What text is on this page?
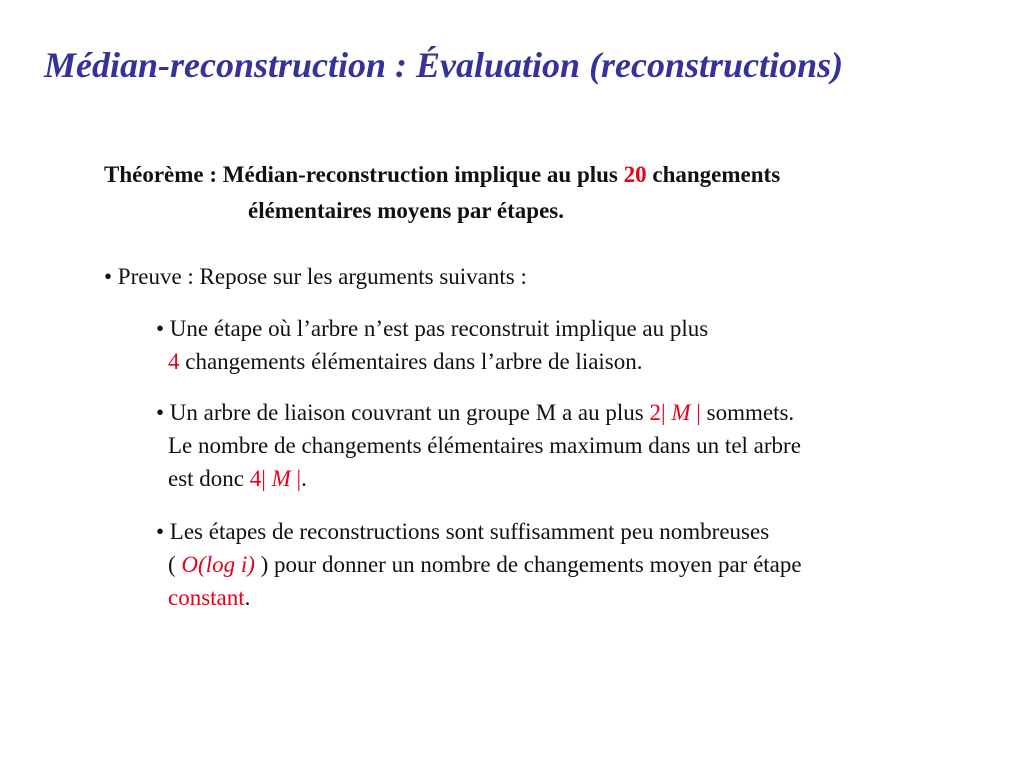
Médian-reconstruction : Évaluation (reconstructions)
Théorème : Médian-reconstruction implique au plus 20 changements
élémentaires moyens par étapes.
• Preuve : Repose sur les arguments suivants :
• Une étape où l’arbre n’est pas reconstruit implique au plus
4 changements élémentaires dans l’arbre de liaison.
• Un arbre de liaison couvrant un groupe M a au plus 2| M | sommets.
Le nombre de changements élémentaires maximum dans un tel arbre
est donc 4| M |.
• Les étapes de reconstructions sont suffisamment peu nombreuses
( O(log i) ) pour donner un nombre de changements moyen par étape
constant.
